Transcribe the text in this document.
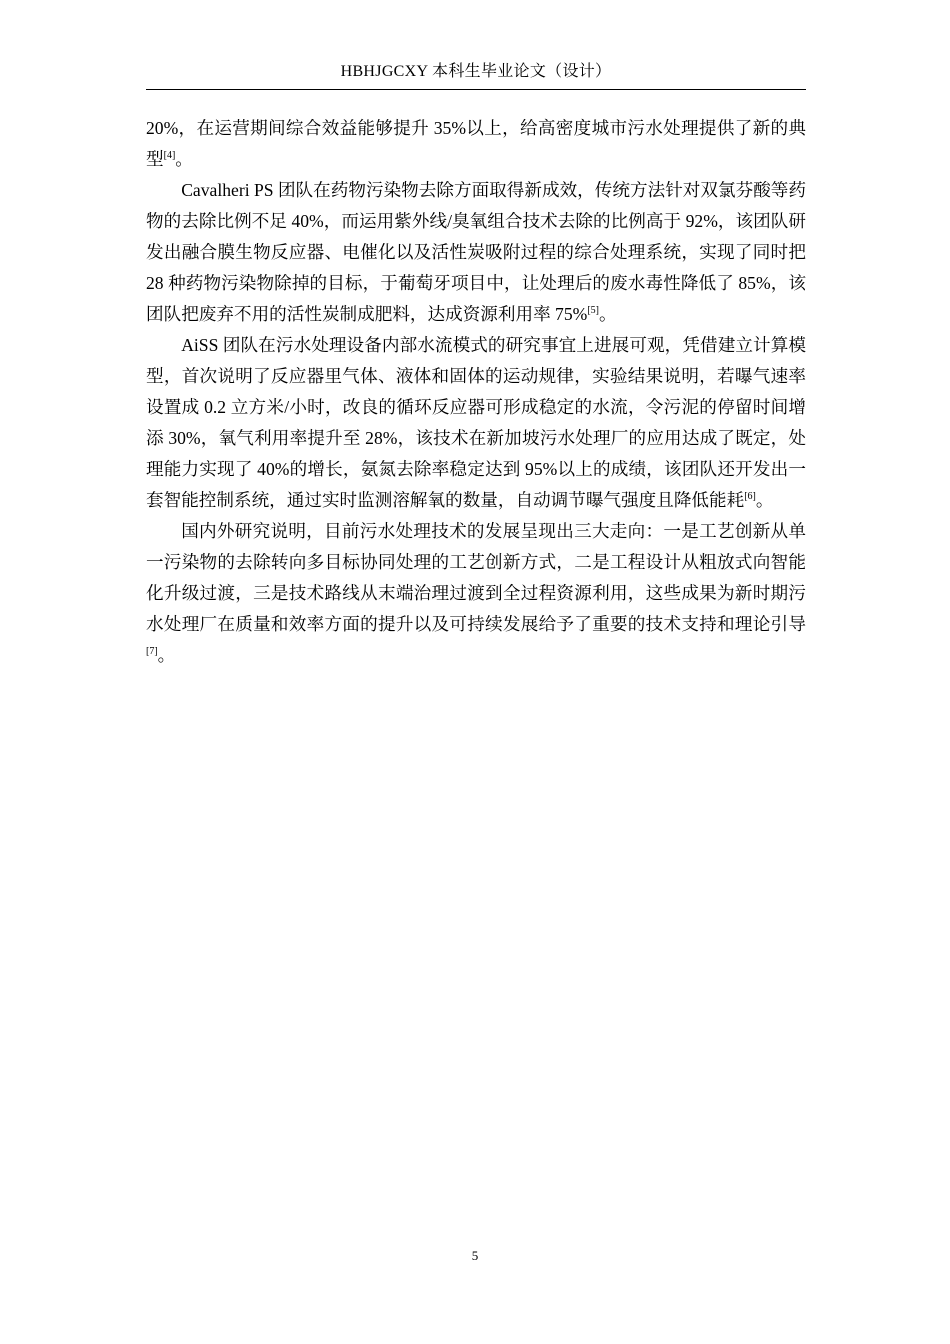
HBHJGCXY 本科生毕业论文（设计）

20%，在运营期间综合效益能够提升 35%以上，给高密度城市污水处理提供了新的典型[4]。

Cavalheri PS 团队在药物污染物去除方面取得新成效，传统方法针对双氯芬酸等药物的去除比例不足 40%，而运用紫外线/臭氧组合技术去除的比例高于 92%，该团队研发出融合膜生物反应器、电催化以及活性炭吸附过程的综合处理系统，实现了同时把 28 种药物污染物除掉的目标，于葡萄牙项目中，让处理后的废水毒性降低了 85%，该团队把废弃不用的活性炭制成肥料，达成资源利用率 75%[5]。

AiSS 团队在污水处理设备内部水流模式的研究事宜上进展可观，凭借建立计算模型，首次说明了反应器里气体、液体和固体的运动规律，实验结果说明，若曝气速率设置成 0.2 立方米/小时，改良的循环反应器可形成稳定的水流，令污泥的停留时间增添 30%，氧气利用率提升至 28%，该技术在新加坡污水处理厂的应用达成了既定，处理能力实现了 40%的增长，氨氮去除率稳定达到 95%以上的成绩，该团队还开发出一套智能控制系统，通过实时监测溶解氧的数量，自动调节曝气强度且降低能耗[6]。

国内外研究说明，目前污水处理技术的发展呈现出三大走向：一是工艺创新从单一污染物的去除转向多目标协同处理的工艺创新方式，二是工程设计从粗放式向智能化升级过渡，三是技术路线从末端治理过渡到全过程资源利用，这些成果为新时期污水处理厂在质量和效率方面的提升以及可持续发展给予了重要的技术支持和理论引导[7]。

5
